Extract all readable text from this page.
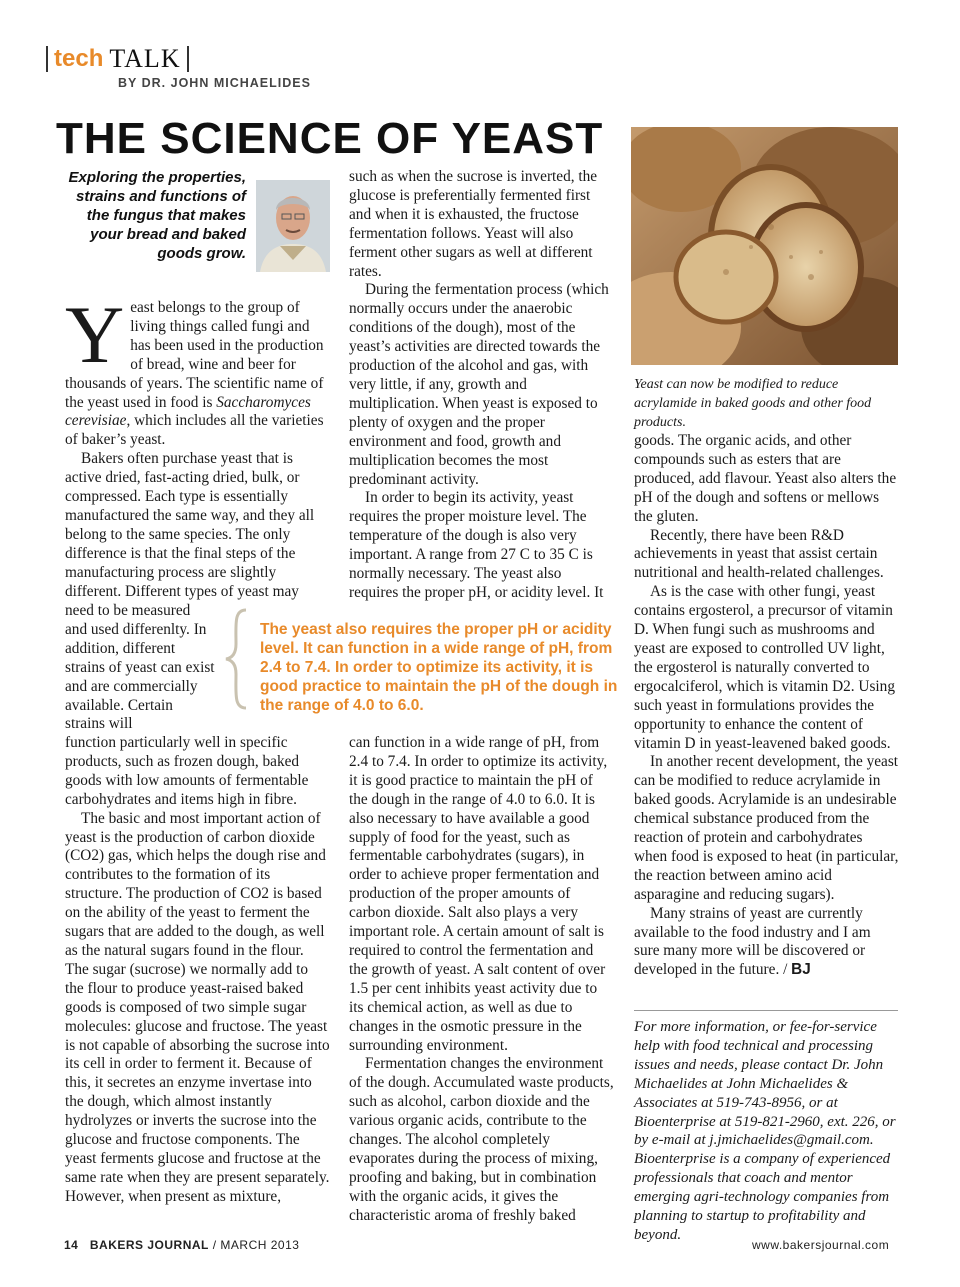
tech TALK
BY DR. JOHN MICHAELIDES
THE SCIENCE OF YEAST
Exploring the properties, strains and functions of the fungus that makes your bread and baked goods grow.

Yeast belongs to the group of living things called fungi and has been used in the production of bread, wine and beer for thousands of years. The scientific name of the yeast used in food is Saccharomyces cerevisiae, which includes all the varieties of baker’s yeast.

Bakers often purchase yeast that is active dried, fast-acting dried, bulk, or compressed. Each type is essentially manufactured the same way, and they all belong to the same species. The only difference is that the final steps of the manufacturing process are slightly different. Different types of yeast may

need to be measured and used differenlty. In addition, different strains of yeast can exist and are commercially available. Certain strains will

function particularly well in specific products, such as frozen dough, baked goods with low amounts of fermentable carbohydrates and items high in fibre.

The basic and most important action of yeast is the production of carbon dioxide (CO2) gas, which helps the dough rise and contributes to the formation of its structure. The production of CO2 is based on the ability of the yeast to ferment the sugars that are added to the dough, as well as the natural sugars found in the flour. The sugar (sucrose) we normally add to the flour to produce yeast-raised baked goods is composed of two simple sugar molecules: glucose and fructose. The yeast is not capable of absorbing the sucrose into its cell in order to ferment it. Because of this, it secretes an enzyme invertase into the dough, which almost instantly hydrolyzes or inverts the sucrose into the glucose and fructose components. The yeast ferments glucose and fructose at the same rate when they are present separately. However, when present as mixture,

such as when the sucrose is inverted, the glucose is preferentially fermented first and when it is exhausted, the fructose fermentation follows. Yeast will also ferment other sugars as well at different rates.

During the fermentation process (which normally occurs under the anaerobic conditions of the dough), most of the yeast’s activities are directed towards the production of the alcohol and gas, with very little, if any, growth and multiplication. When yeast is exposed to plenty of oxygen and the proper environment and food, growth and multiplication becomes the most predominant activity.

In order to begin its activity, yeast requires the proper moisture level. The temperature of the dough is also very important. A range from 27 C to 35 C is normally necessary. The yeast also requires the proper pH, or acidity level. It

can function in a wide range of pH, from 2.4 to 7.4. In order to optimize its activity, it is good practice to maintain the pH of the dough in the range of 4.0 to 6.0. It is also necessary to have available a good supply of food for the yeast, such as fermentable carbohydrates (sugars), in order to achieve proper fermentation and production of the proper amounts of carbon dioxide. Salt also plays a very important role. A certain amount of salt is required to control the fermentation and the growth of yeast. A salt content of over 1.5 per cent inhibits yeast activity due to its chemical action, as well as due to changes in the osmotic pressure in the surrounding environment.

Fermentation changes the environment of the dough. Accumulated waste products, such as alcohol, carbon dioxide and the various organic acids, contribute to the changes. The alcohol completely evaporates during the process of mixing, proofing and baking, but in combination with the organic acids, it gives the characteristic aroma of freshly baked

The yeast also requires the proper pH or acidity level. It can function in a wide range of pH, from 2.4 to 7.4. In order to optimize its activity, it is good practice to maintain the pH of the dough in the range of 4.0 to 6.0.
Yeast can now be modified to reduce acrylamide in baked goods and other food products.

goods. The organic acids, and other compounds such as esters that are produced, add flavour. Yeast also alters the pH of the dough and softens or mellows the gluten.

Recently, there have been R&D achievements in yeast that assist certain nutritional and health-related challenges.

As is the case with other fungi, yeast contains ergosterol, a precursor of vitamin D. When fungi such as mushrooms and yeast are exposed to controlled UV light, the ergosterol is naturally converted to ergocalciferol, which is vitamin D2. Using such yeast in formulations provides the opportunity to enhance the content of vitamin D in yeast-leavened baked goods.

In another recent development, the yeast can be modified to reduce acrylamide in baked goods. Acrylamide is an undesirable chemical substance produced from the reaction of protein and carbohydrates when food is exposed to heat (in particular, the reaction between amino acid asparagine and reducing sugars).

Many strains of yeast are currently available to the food industry and I am sure many more will be discovered or developed in the future. / BJ

For more information, or fee-for-service help with food technical and processing issues and needs, please contact Dr. John Michaelides at John Michaelides & Associates at 519-743-8956, or at Bioenterprise at 519-821-2960, ext. 226, or by e-mail at j.jmichaelides@gmail.com. Bioenterprise is a company of experienced professionals that coach and mentor emerging agri-technology companies from planning to startup to profitability and beyond.
14 BAKERS JOURNAL / MARCH 2013	www.bakersjournal.com
